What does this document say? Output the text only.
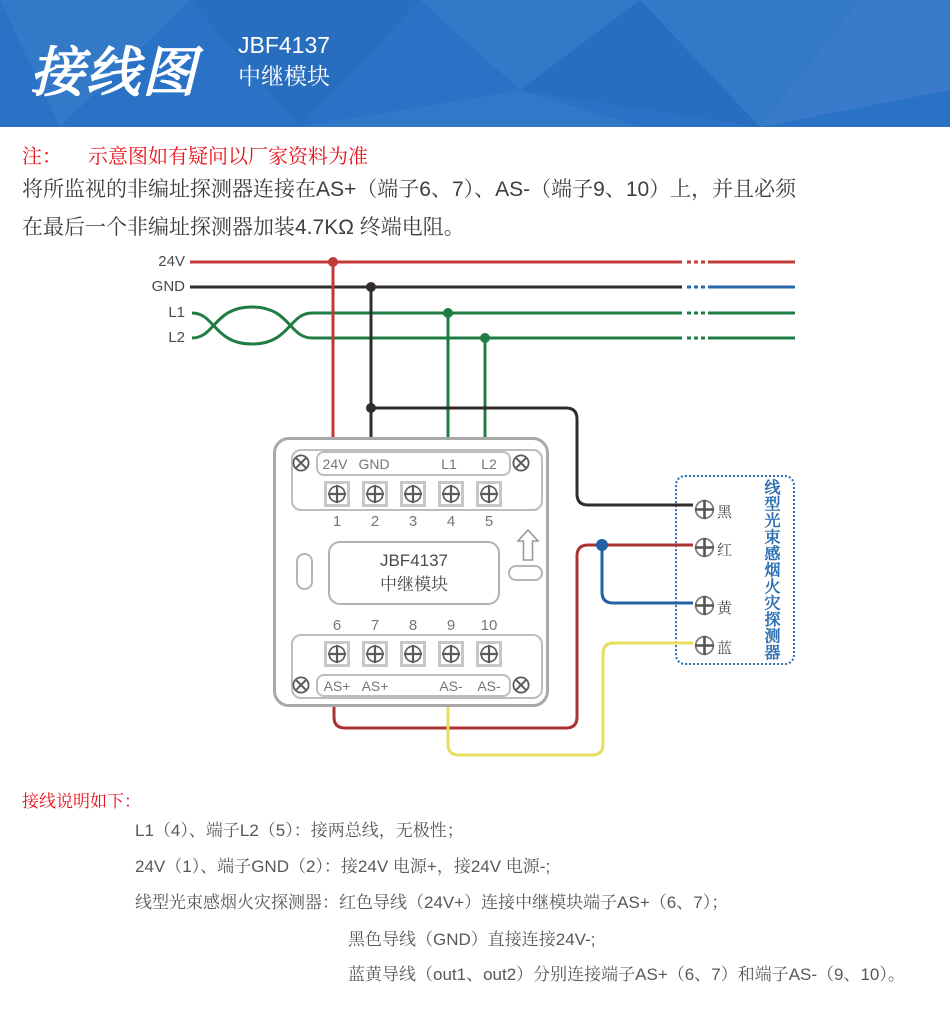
接线图 JBF4137
中继模块
注： 示意图如有疑问以厂家资料为准
将所监视的非编址探测器连接在AS+（端子6、7）、AS-（端子9、10）上，并且必须
在最后一个非编址探测器加装4.7KΩ 终端电阻。
24V
GND
L1
L2
24V GND	L1 L2
1 2 3 4 5
JBF4137
中继模块
6 7 8 9 10
AS+ AS+	AS- AS-
黑
红
黄
蓝	线型光束感烟火灾探测器
接线说明如下：
L1（4）、端子L2（5）：接两总线，无极性；
24V（1）、端子GND（2）：接24V 电源+，接24V 电源-;
线型光束感烟火灾探测器：红色导线（24V+）连接中继模块端子AS+（6、7）；
黑色导线（GND）直接连接24V-;
蓝黄导线（out1、out2）分别连接端子AS+（6、7）和端子AS-（9、10）。
